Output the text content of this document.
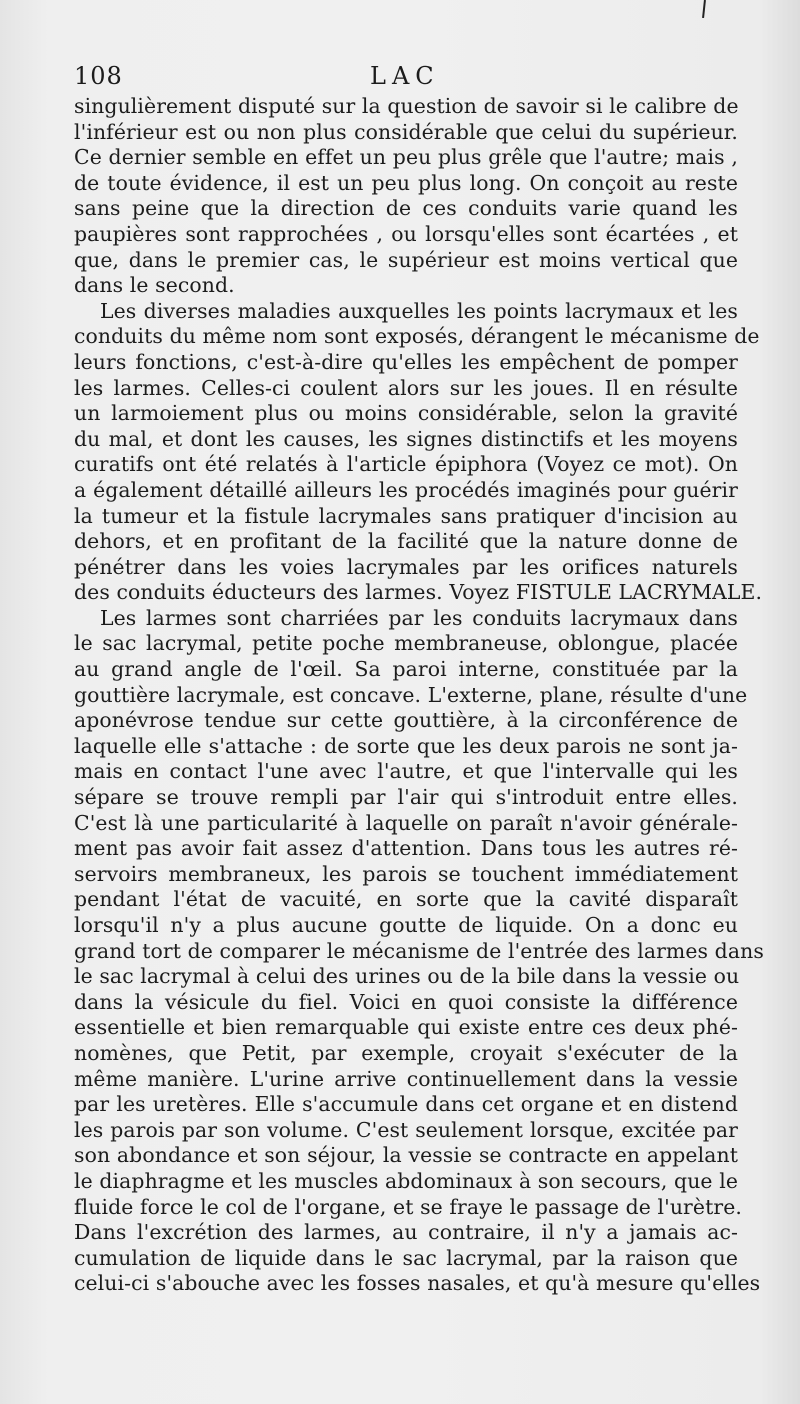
108	LAC
singulièrement disputé sur la question de savoir si le calibre de
l'inférieur est ou non plus considérable que celui du supérieur.
Ce dernier semble en effet un peu plus grêle que l'autre; mais ,
de toute évidence, il est un peu plus long. On conçoit au reste
sans peine que la direction de ces conduits varie quand les
paupières sont rapprochées , ou lorsqu'elles sont écartées , et
que, dans le premier cas, le supérieur est moins vertical que
dans le second.
Les diverses maladies auxquelles les points lacrymaux et les
conduits du même nom sont exposés, dérangent le mécanisme de
leurs fonctions, c'est-à-dire qu'elles les empêchent de pomper
les larmes. Celles-ci coulent alors sur les joues. Il en résulte
un larmoiement plus ou moins considérable, selon la gravité
du mal, et dont les causes, les signes distinctifs et les moyens
curatifs ont été relatés à l'article épiphora (Voyez ce mot). On
a également détaillé ailleurs les procédés imaginés pour guérir
la tumeur et la fistule lacrymales sans pratiquer d'incision au
dehors, et en profitant de la facilité que la nature donne de
pénétrer dans les voies lacrymales par les orifices naturels
des conduits éducteurs des larmes. Voyez FISTULE LACRYMALE.
Les larmes sont charriées par les conduits lacrymaux dans
le sac lacrymal, petite poche membraneuse, oblongue, placée
au grand angle de l'œil. Sa paroi interne, constituée par la
gouttière lacrymale, est concave. L'externe, plane, résulte d'une
aponévrose tendue sur cette gouttière, à la circonférence de
laquelle elle s'attache : de sorte que les deux parois ne sont ja-
mais en contact l'une avec l'autre, et que l'intervalle qui les
sépare se trouve rempli par l'air qui s'introduit entre elles.
C'est là une particularité à laquelle on paraît n'avoir générale-
ment pas avoir fait assez d'attention. Dans tous les autres ré-
servoirs membraneux, les parois se touchent immédiatement
pendant l'état de vacuité, en sorte que la cavité disparaît
lorsqu'il n'y a plus aucune goutte de liquide. On a donc eu
grand tort de comparer le mécanisme de l'entrée des larmes dans
le sac lacrymal à celui des urines ou de la bile dans la vessie ou
dans la vésicule du fiel. Voici en quoi consiste la différence
essentielle et bien remarquable qui existe entre ces deux phé-
nomènes, que Petit, par exemple, croyait s'exécuter de la
même manière. L'urine arrive continuellement dans la vessie
par les uretères. Elle s'accumule dans cet organe et en distend
les parois par son volume. C'est seulement lorsque, excitée par
son abondance et son séjour, la vessie se contracte en appelant
le diaphragme et les muscles abdominaux à son secours, que le
fluide force le col de l'organe, et se fraye le passage de l'urètre.
Dans l'excrétion des larmes, au contraire, il n'y a jamais ac-
cumulation de liquide dans le sac lacrymal, par la raison que
celui-ci s'abouche avec les fosses nasales, et qu'à mesure qu'elles
